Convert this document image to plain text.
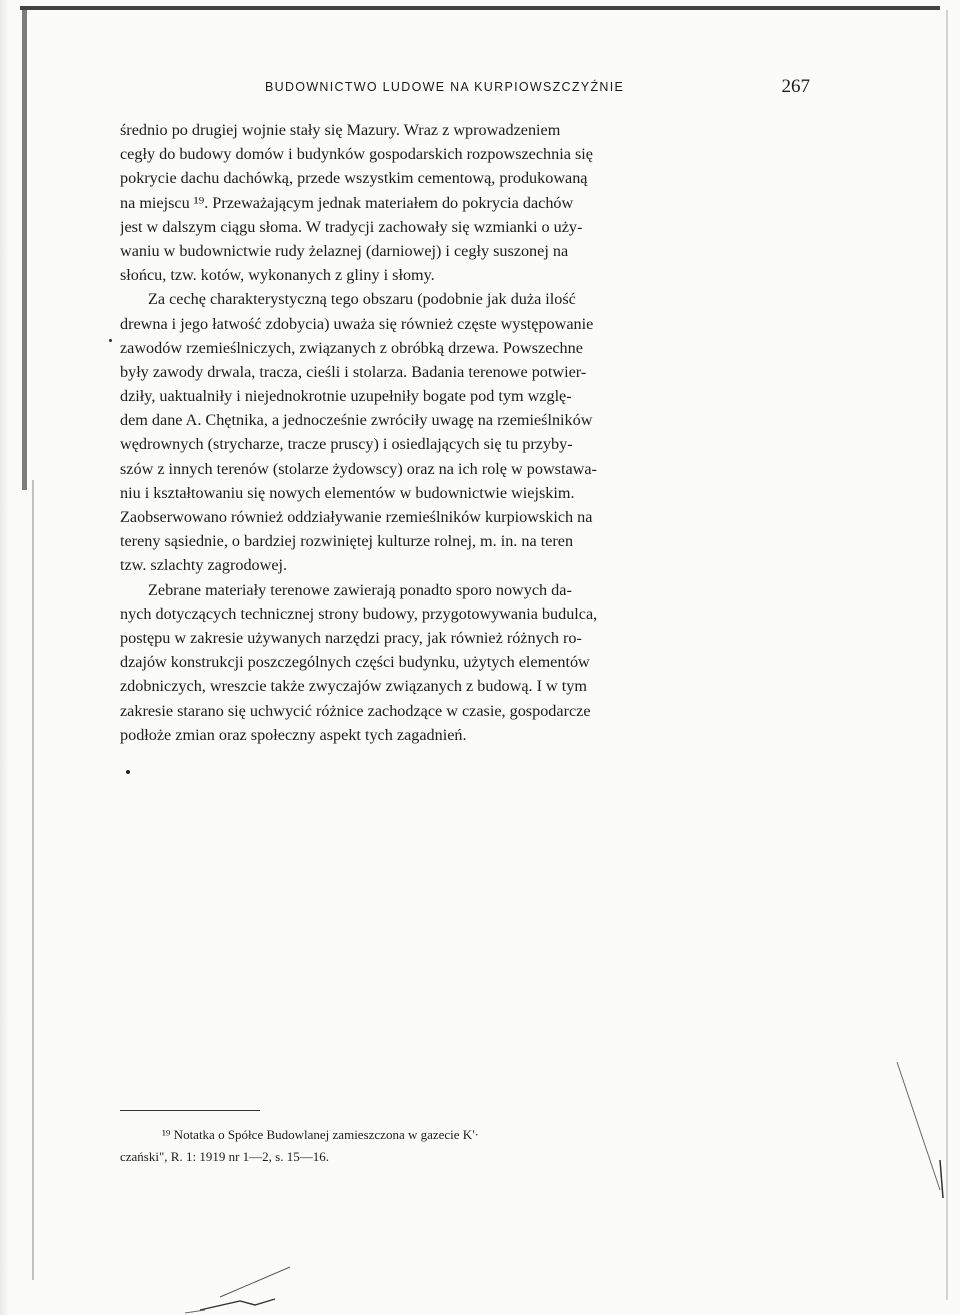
BUDOWNICTWO LUDOWE NA KURPIOWSZCZYŹNIE	267
średnio po drugiej wojnie stały się Mazury. Wraz z wprowadzeniem
cegły do budowy domów i budynków gospodarskich rozpowszechnia się
pokrycie dachu dachówką, przede wszystkim cementową, produkowaną
na miejscu ¹⁹. Przeważającym jednak materiałem do pokrycia dachów
jest w dalszym ciągu słoma. W tradycji zachowały się wzmianki o uży-
waniu w budownictwie rudy żelaznej (darniowej) i cegły suszonej na
słońcu, tzw. kotów, wykonanych z gliny i słomy.
Za cechę charakterystyczną tego obszaru (podobnie jak duża ilość
drewna i jego łatwość zdobycia) uważa się również częste występowanie
zawodów rzemieślniczych, związanych z obróbką drzewa. Powszechne
były zawody drwala, tracza, cieśli i stolarza. Badania terenowe potwier-
dziły, uaktualniły i niejednokrotnie uzupełniły bogate pod tym wzglę-
dem dane A. Chętnika, a jednocześnie zwróciły uwagę na rzemieślników
wędrownych (strycharze, tracze pruscy) i osiedlających się tu przyby-
szów z innych terenów (stolarze żydowscy) oraz na ich rolę w powstawa-
niu i kształtowaniu się nowych elementów w budownictwie wiejskim.
Zaobserwowano również oddziaływanie rzemieślników kurpiowskich na
tereny sąsiednie, o bardziej rozwiniętej kulturze rolnej, m. in. na teren
tzw. szlachty zagrodowej.
Zebrane materiały terenowe zawierają ponadto sporo nowych da-
nych dotyczących technicznej strony budowy, przygotowywania budulca,
postępu w zakresie używanych narzędzi pracy, jak również różnych ro-
dzajów konstrukcji poszczególnych części budynku, użytych elementów
zdobniczych, wreszcie także zwyczajów związanych z budową. I w tym
zakresie starano się uchwycić różnice zachodzące w czasie, gospodarcze
podłoże zmian oraz społeczny aspekt tych zagadnień.
¹⁹ Notatka o Spółce Budowlanej zamieszczona w gazecie K'·
czański", R. 1: 1919 nr 1—2, s. 15—16.
